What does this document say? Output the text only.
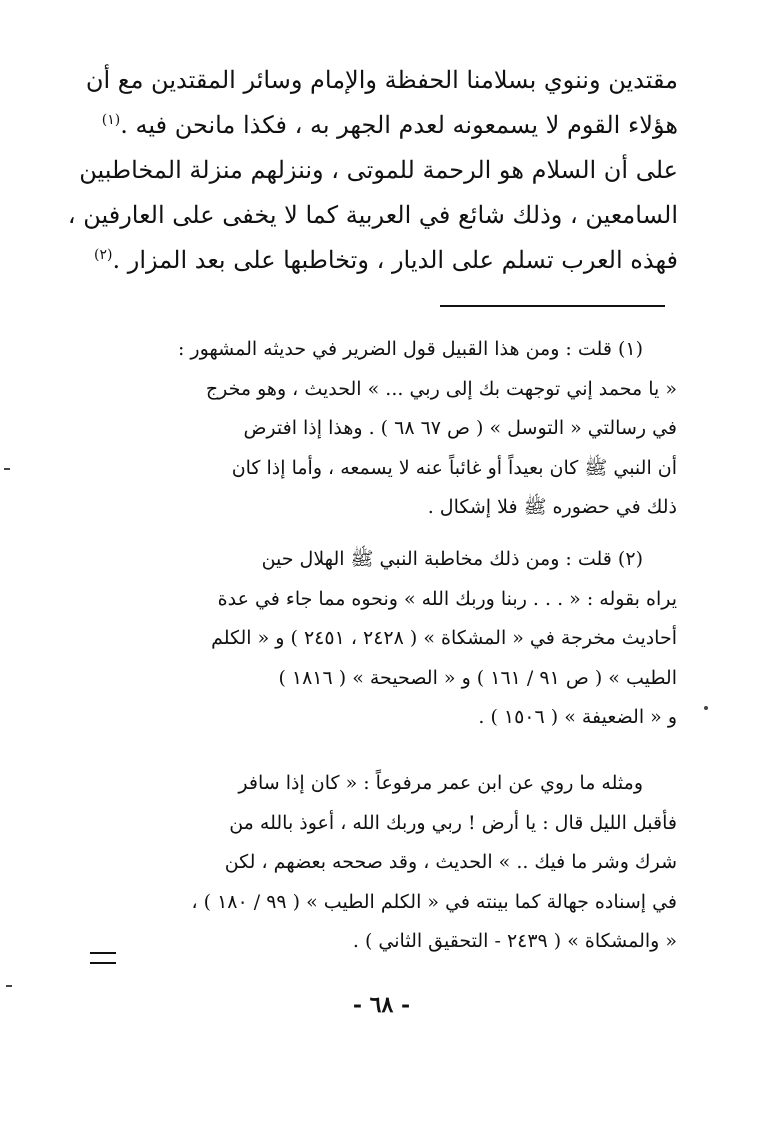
مقتدين وننوي بسلامنا الحفظة والإمام وسائر المقتدين مع أن
هؤلاء القوم لا يسمعونه لعدم الجهر به ، فكذا مانحن فيه .$^{(١)}$
على أن السلام هو الرحمة للموتى ، وننزلهم منزلة المخاطبين
السامعين ، وذلك شائع في العربية كما لا يخفى على العارفين ،
فهذه العرب تسلم على الديار ، وتخاطبها على بعد المزار .$^{(٢)}$
(١) قلت : ومن هذا القبيل قول الضرير في حديثه المشهور :
« يا محمد إني توجهت بك إلى ربي ... » الحديث ، وهو مخرج
في رسالتي « التوسل » ( ص ٦٧ ٦٨ ) . وهذا إذا افترض
أن النبي ﷺ كان بعيداً أو غائباً عنه لا يسمعه ، وأما إذا كان
ذلك في حضوره ﷺ فلا إشكال .
(٢) قلت : ومن ذلك مخاطبة النبي ﷺ الهلال حين
يراه بقوله : « . . . ربنا وربك الله » ونحوه مما جاء في عدة
أحاديث مخرجة في « المشكاة » ( ٢٤٢٨ ، ٢٤٥١ ) و « الكلم
الطيب » ( ص ٩١ / ١٦١ ) و « الصحيحة » ( ١٨١٦ )
و « الضعيفة » ( ١٥٠٦ ) .
ومثله ما روي عن ابن عمر مرفوعاً : « كان إذا سافر
فأقبل الليل قال : يا أرض ! ربي وربك الله ، أعوذ بالله من
شرك وشر ما فيك .. » الحديث ، وقد صححه بعضهم ، لكن
في إسناده جهالة كما بينته في « الكلم الطيب » ( ٩٩ / ١٨٠ ) ،
« والمشكاة » ( ٢٤٣٩ - التحقيق الثاني ) .
- ٦٨ -
